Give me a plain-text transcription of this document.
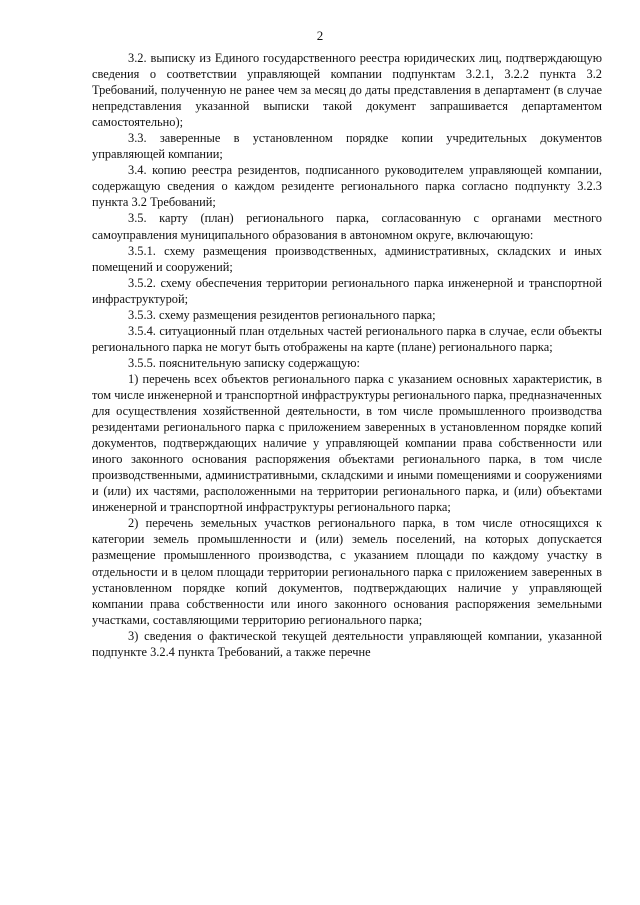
2

3.2. выписку из Единого государственного реестра юридических лиц, подтверждающую сведения о соответствии управляющей компании подпунктам 3.2.1, 3.2.2 пункта 3.2 Требований, полученную не ранее чем за месяц до даты представления в департамент (в случае непредставления указанной выписки такой документ запрашивается департаментом самостоятельно);

3.3. заверенные в установленном порядке копии учредительных документов управляющей компании;

3.4. копию реестра резидентов, подписанного руководителем управляющей компании, содержащую сведения о каждом резиденте регионального парка согласно подпункту 3.2.3 пункта 3.2 Требований;

3.5. карту (план) регионального парка, согласованную с органами местного самоуправления муниципального образования в автономном округе, включающую:

3.5.1. схему размещения производственных, административных, складских и иных помещений и сооружений;

3.5.2. схему обеспечения территории регионального парка инженерной и транспортной инфраструктурой;

3.5.3. схему размещения резидентов регионального парка;

3.5.4. ситуационный план отдельных частей регионального парка в случае, если объекты регионального парка не могут быть отображены на карте (плане) регионального парка;

3.5.5. пояснительную записку содержащую:

1) перечень всех объектов регионального парка с указанием основных характеристик, в том числе инженерной и транспортной инфраструктуры регионального парка, предназначенных для осуществления хозяйственной деятельности, в том числе промышленного производства резидентами регионального парка с приложением заверенных в установленном порядке копий документов, подтверждающих наличие у управляющей компании права собственности или иного законного основания распоряжения объектами регионального парка, в том числе производственными, административными, складскими и иными помещениями и сооружениями и (или) их частями, расположенными на территории регионального парка, и (или) объектами инженерной и транспортной инфраструктуры регионального парка;

2) перечень земельных участков регионального парка, в том числе относящихся к категории земель промышленности и (или) земель поселений, на которых допускается размещение промышленного производства, с указанием площади по каждому участку в отдельности и в целом площади территории регионального парка с приложением заверенных в установленном порядке копий документов, подтверждающих наличие у управляющей компании права собственности или иного законного основания распоряжения земельными участками, составляющими территорию регионального парка;

3) сведения о фактической текущей деятельности управляющей компании, указанной подпункте 3.2.4 пункта Требований, а также перечне
